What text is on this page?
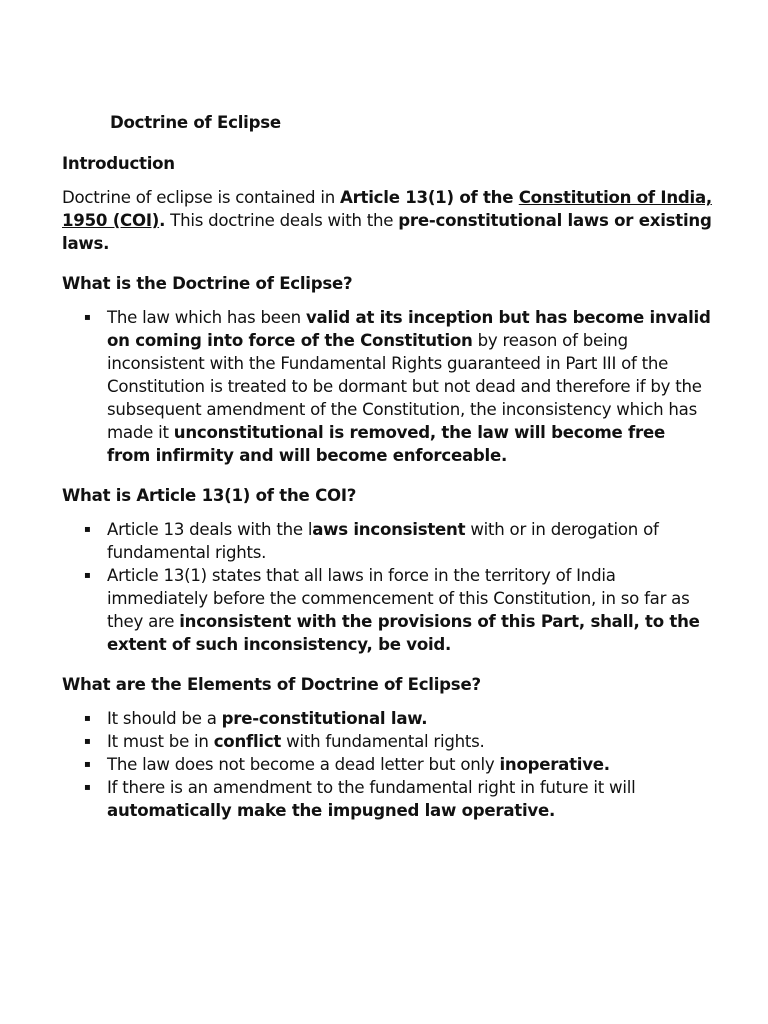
Doctrine of Eclipse
Introduction

Doctrine of eclipse is contained in Article 13(1) of the Constitution of India, 1950 (COI). This doctrine deals with the pre-constitutional laws or existing laws.

What is the Doctrine of Eclipse?
▪ The law which has been valid at its inception but has become invalid on coming into force of the Constitution by reason of being inconsistent with the Fundamental Rights guaranteed in Part III of the Constitution is treated to be dormant but not dead and therefore if by the subsequent amendment of the Constitution, the inconsistency which has made it unconstitutional is removed, the law will become free from infirmity and will become enforceable.
What is Article 13(1) of the COI?
▪ Article 13 deals with the laws inconsistent with or in derogation of fundamental rights.
▪ Article 13(1) states that all laws in force in the territory of India immediately before the commencement of this Constitution, in so far as they are inconsistent with the provisions of this Part, shall, to the extent of such inconsistency, be void.
What are the Elements of Doctrine of Eclipse?
▪ It should be a pre-constitutional law.
▪ It must be in conflict with fundamental rights.
▪ The law does not become a dead letter but only inoperative.
▪ If there is an amendment to the fundamental right in future it will automatically make the impugned law operative.
